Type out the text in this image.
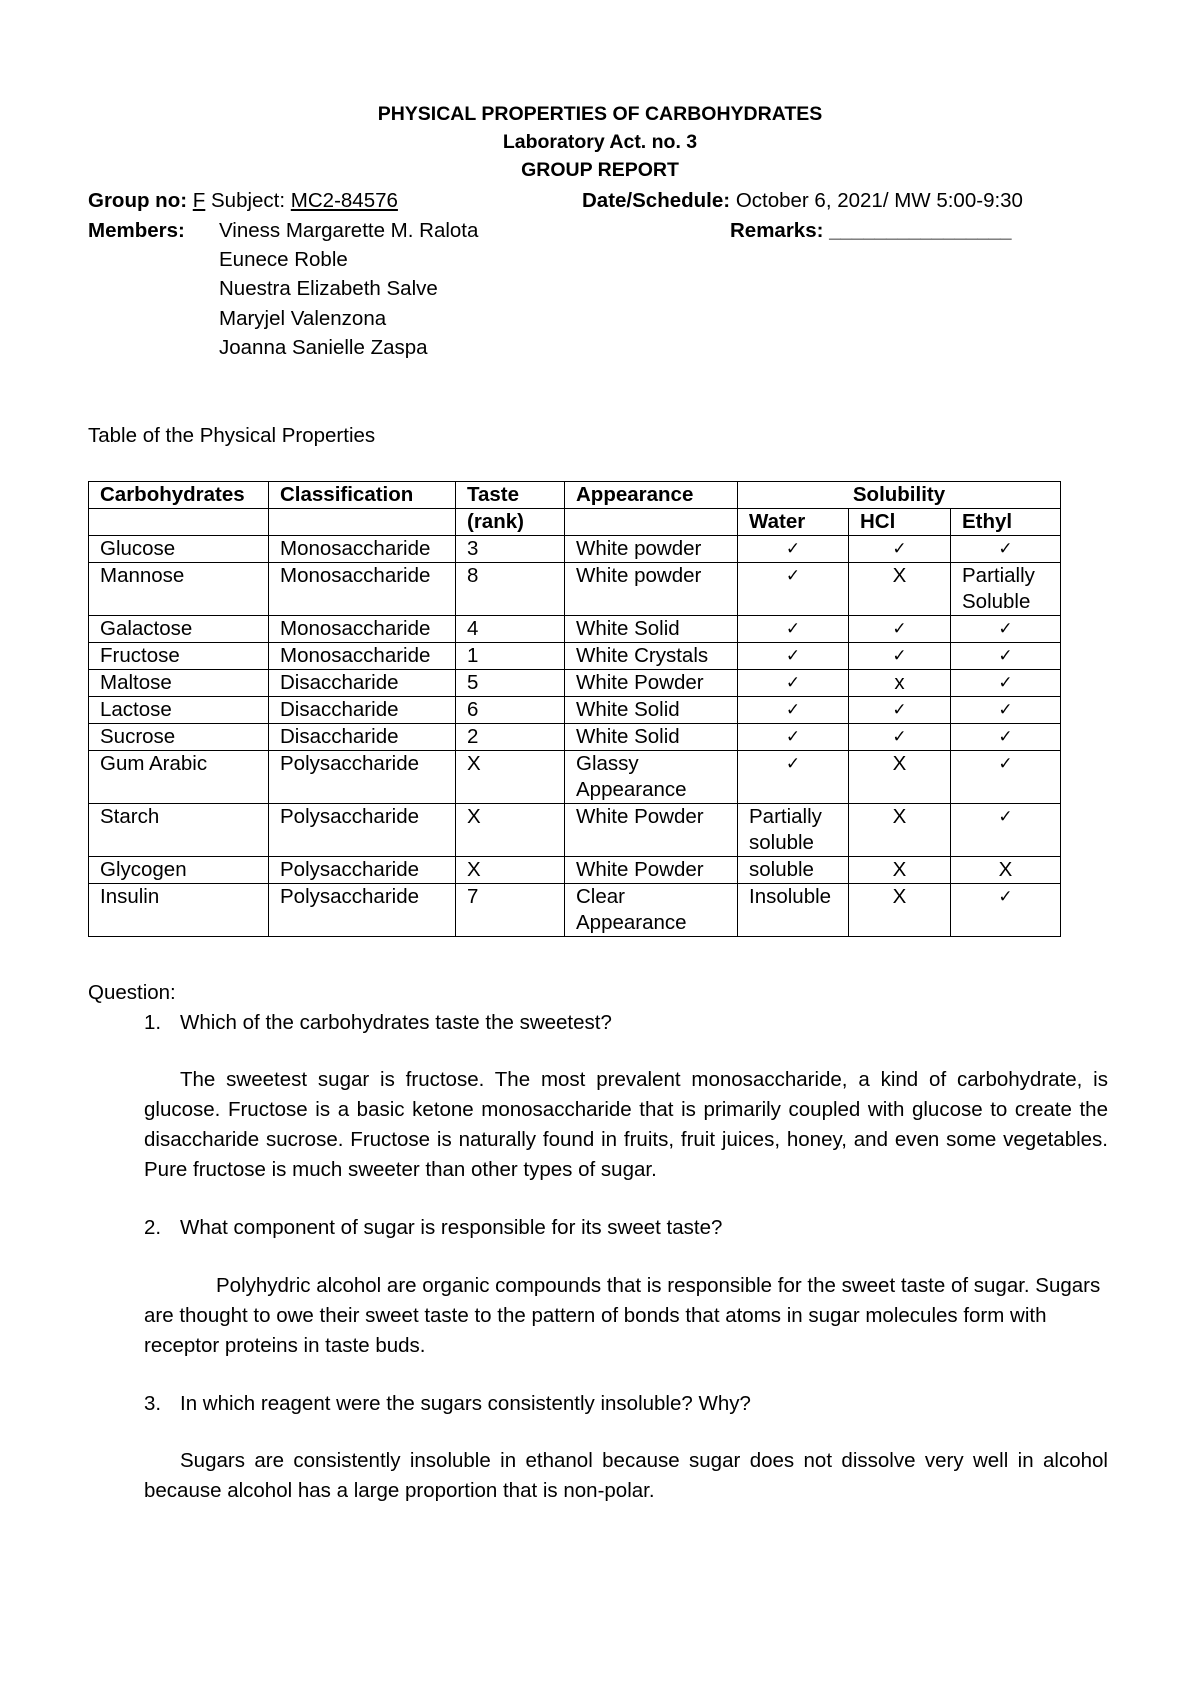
PHYSICAL PROPERTIES OF CARBOHYDRATES
Laboratory Act. no. 3
GROUP REPORT
Group no: F Subject: MC2-84576	Date/Schedule: October 6, 2021/ MW 5:00-9:30
Members:	Remarks: ________________
Viness Margarette M. Ralota
Eunece Roble
Nuestra Elizabeth Salve
Maryjel Valenzona
Joanna Sanielle Zaspa
Table of the Physical Properties
Carbohydrates	Classification	Taste	Appearance	Solubility		
		(rank)		Water	HCl	Ethyl
Glucose	Monosaccharide	3	White powder	✓	✓	✓
Mannose	Monosaccharide	8	White powder	✓	X	Partially Soluble
Galactose	Monosaccharide	4	White Solid	✓	✓	✓
Fructose	Monosaccharide	1	White Crystals	✓	✓	✓
Maltose	Disaccharide	5	White Powder	✓	x	✓
Lactose	Disaccharide	6	White Solid	✓	✓	✓
Sucrose	Disaccharide	2	White Solid	✓	✓	✓
Gum Arabic	Polysaccharide	X	Glassy Appearance	✓	X	✓
Starch	Polysaccharide	X	White Powder	Partially soluble	X	✓
Glycogen	Polysaccharide	X	White Powder	soluble	X	X
Insulin	Polysaccharide	7	Clear Appearance	Insoluble	X	✓
Question:
1. Which of the carbohydrates taste the sweetest?
The sweetest sugar is fructose. The most prevalent monosaccharide, a kind of carbohydrate, is glucose. Fructose is a basic ketone monosaccharide that is primarily coupled with glucose to create the disaccharide sucrose. Fructose is naturally found in fruits, fruit juices, honey, and even some vegetables. Pure fructose is much sweeter than other types of sugar.
2. What component of sugar is responsible for its sweet taste?
Polyhydric alcohol are organic compounds that is responsible for the sweet taste of sugar. Sugars are thought to owe their sweet taste to the pattern of bonds that atoms in sugar molecules form with receptor proteins in taste buds.
3. In which reagent were the sugars consistently insoluble? Why?
Sugars are consistently insoluble in ethanol because sugar does not dissolve very well in alcohol because alcohol has a large proportion that is non-polar.
